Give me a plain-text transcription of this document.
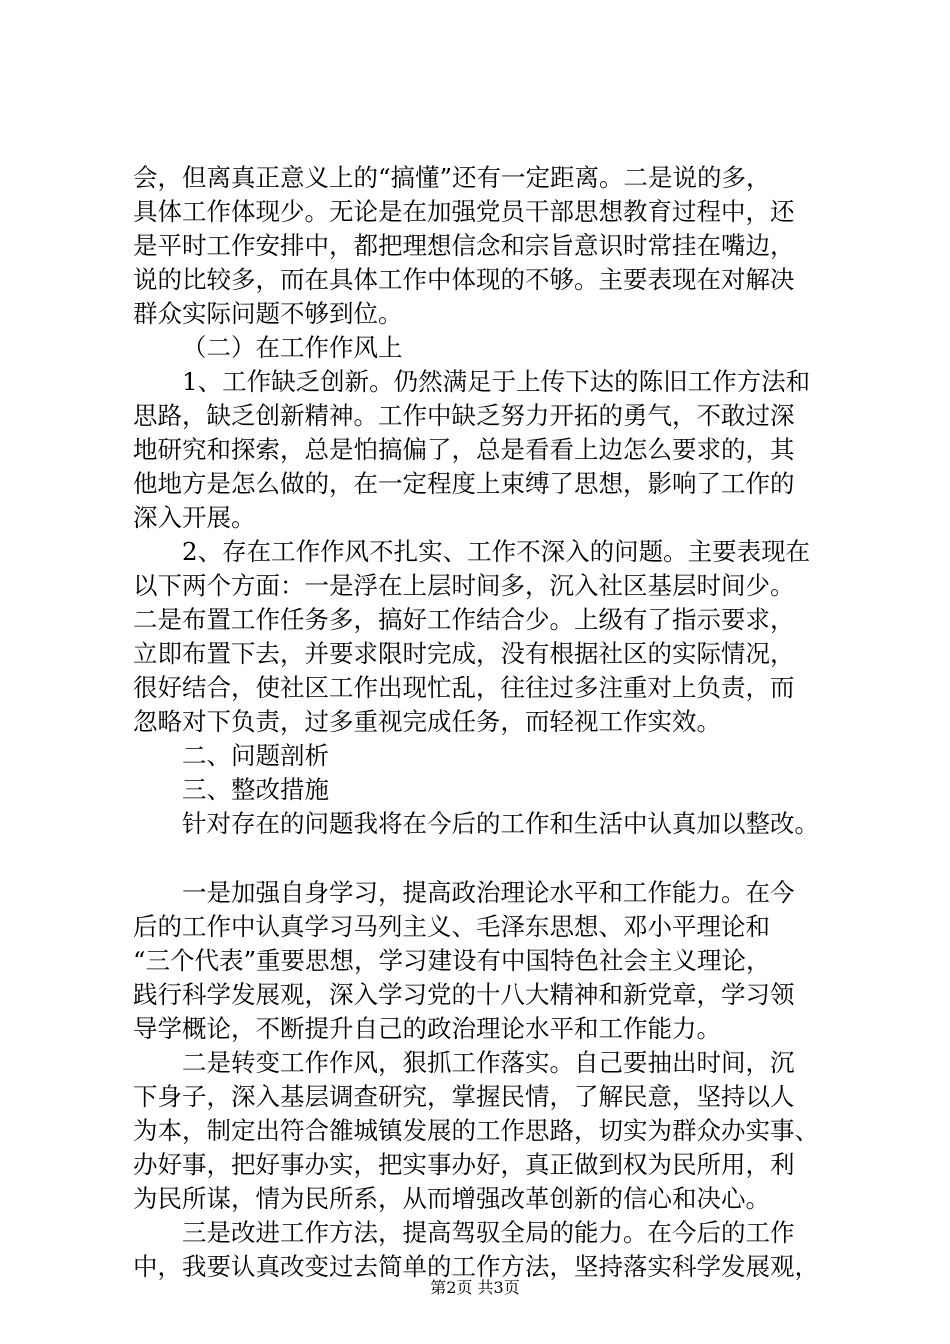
会，但离真正意义上的“搞懂”还有一定距离。二是说的多，
具体工作体现少。无论是在加强党员干部思想教育过程中，还
是平时工作安排中，都把理想信念和宗旨意识时常挂在嘴边，
说的比较多，而在具体工作中体现的不够。主要表现在对解决
群众实际问题不够到位。
（二）在工作作风上
1、工作缺乏创新。仍然满足于上传下达的陈旧工作方法和
思路，缺乏创新精神。工作中缺乏努力开拓的勇气，不敢过深
地研究和探索，总是怕搞偏了，总是看看上边怎么要求的，其
他地方是怎么做的，在一定程度上束缚了思想，影响了工作的
深入开展。
2、存在工作作风不扎实、工作不深入的问题。主要表现在
以下两个方面：一是浮在上层时间多，沉入社区基层时间少。
二是布置工作任务多，搞好工作结合少。上级有了指示要求，
立即布置下去，并要求限时完成，没有根据社区的实际情况，
很好结合，使社区工作出现忙乱，往往过多注重对上负责，而
忽略对下负责，过多重视完成任务，而轻视工作实效。
二、问题剖析
三、整改措施
针对存在的问题我将在今后的工作和生活中认真加以整改。
一是加强自身学习，提高政治理论水平和工作能力。在今
后的工作中认真学习马列主义、毛泽东思想、邓小平理论和
“三个代表”重要思想，学习建设有中国特色社会主义理论，
践行科学发展观，深入学习党的十八大精神和新党章，学习领
导学概论，不断提升自己的政治理论水平和工作能力。
二是转变工作作风，狠抓工作落实。自己要抽出时间，沉
下身子，深入基层调查研究，掌握民情，了解民意，坚持以人
为本，制定出符合雒城镇发展的工作思路，切实为群众办实事、
办好事，把好事办实，把实事办好，真正做到权为民所用，利
为民所谋，情为民所系，从而增强改革创新的信心和决心。
三是改进工作方法，提高驾驭全局的能力。在今后的工作
中，我要认真改变过去简单的工作方法，坚持落实科学发展观，
第2页 共3页
